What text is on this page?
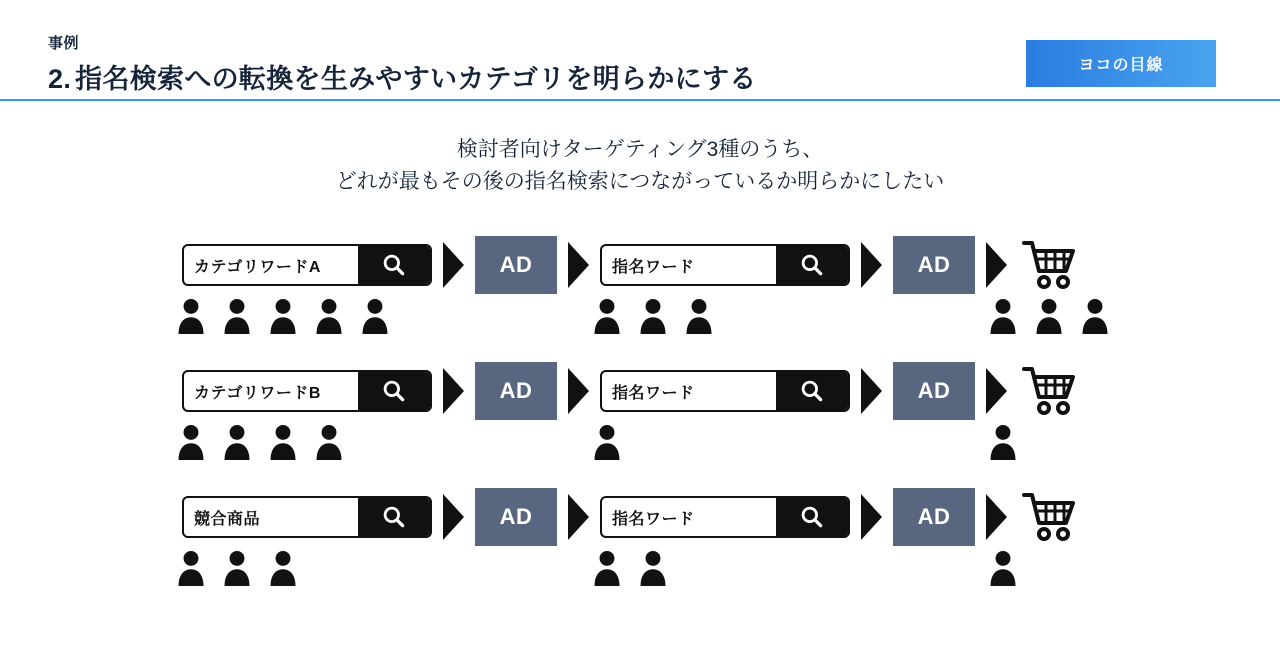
事例
2. 指名検索への転換を生みやすいカテゴリを明らかにする	ヨコの目線
検討者向けターゲティング3種のうち、
どれが最もその後の指名検索につながっているか明らかにしたい
カテゴリワードA	AD	指名ワード	AD
カテゴリワードB	AD	指名ワード	AD
競合商品	AD	指名ワード	AD
